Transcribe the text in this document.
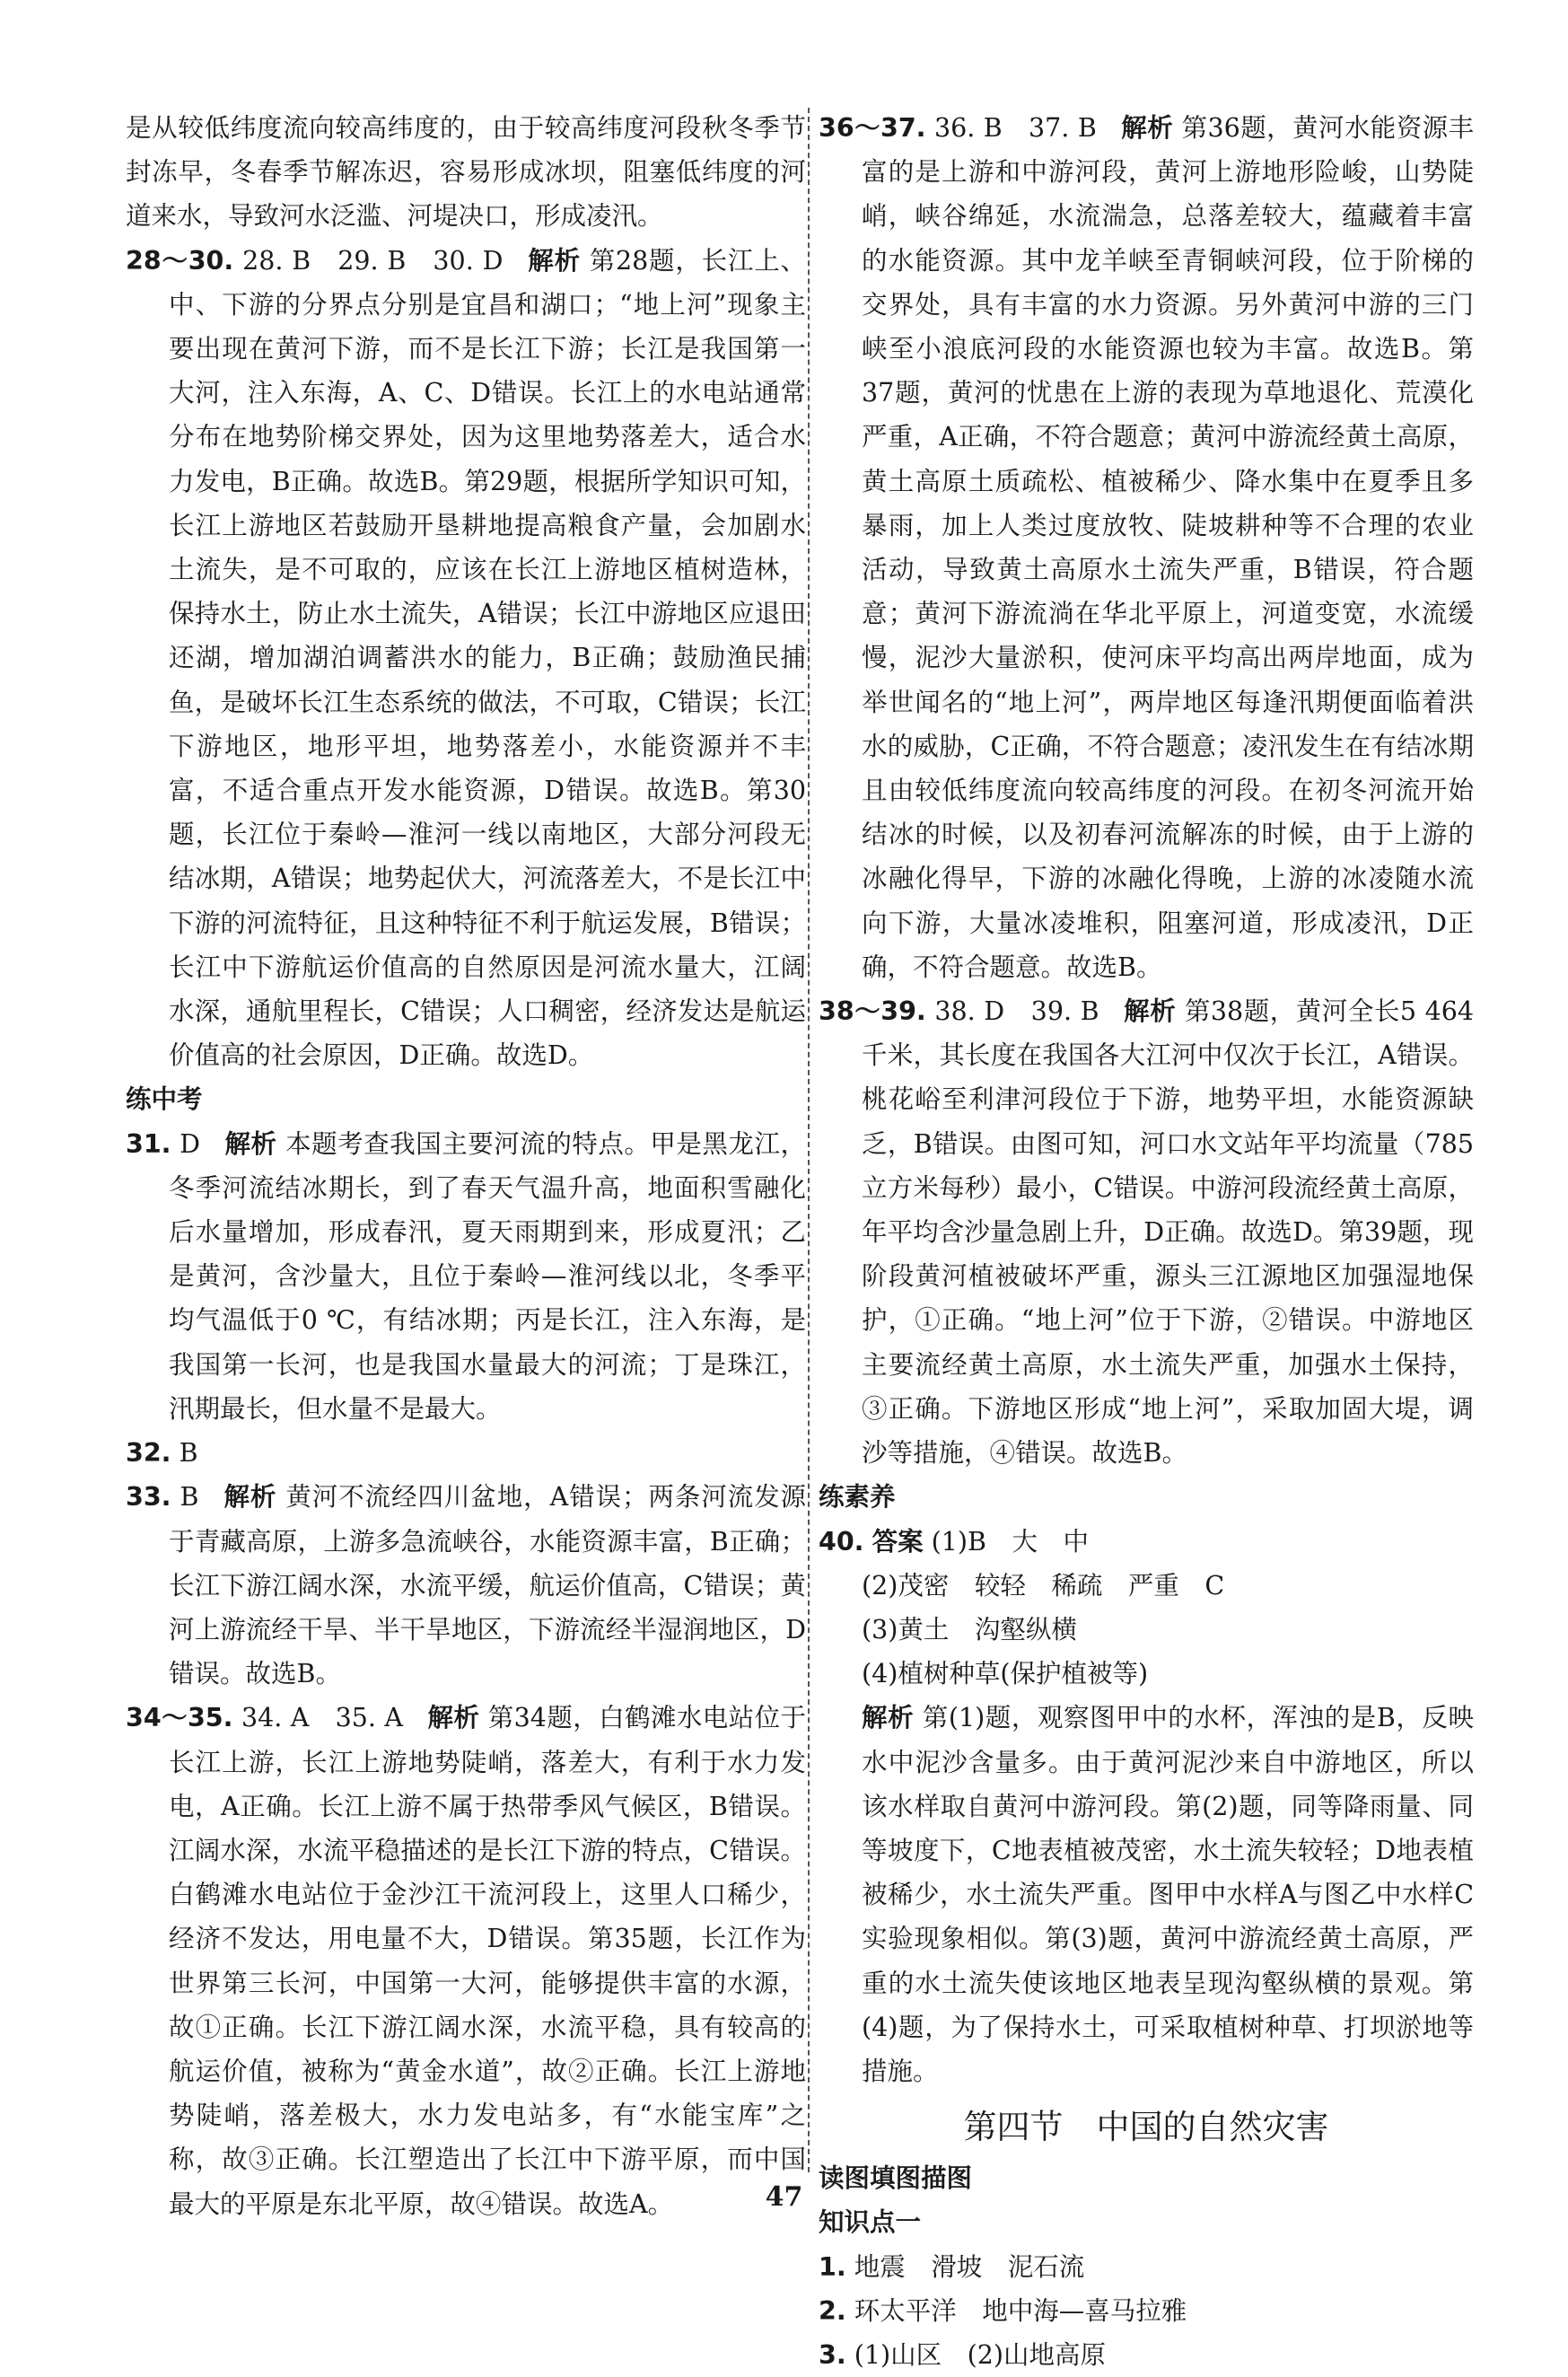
是从较低纬度流向较高纬度的，由于较高纬度河段秋冬季节封冻早，冬春季节解冻迟，容易形成冰坝，阻塞低纬度的河道来水，导致河水泛滥、河堤决口，形成凌汛。

28～30. 28. B　29. B　30. D 解析 第28题，长江上、中、下游的分界点分别是宜昌和湖口；“地上河”现象主要出现在黄河下游，而不是长江下游；长江是我国第一大河，注入东海，A、C、D错误。长江上的水电站通常分布在地势阶梯交界处，因为这里地势落差大，适合水力发电，B正确。故选B。第29题，根据所学知识可知，长江上游地区若鼓励开垦耕地提高粮食产量，会加剧水土流失，是不可取的，应该在长江上游地区植树造林，保持水土，防止水土流失，A错误；长江中游地区应退田还湖，增加湖泊调蓄洪水的能力，B正确；鼓励渔民捕鱼，是破坏长江生态系统的做法，不可取，C错误；长江下游地区，地形平坦，地势落差小，水能资源并不丰富，不适合重点开发水能资源，D错误。故选B。第30题，长江位于秦岭—淮河一线以南地区，大部分河段无结冰期，A错误；地势起伏大，河流落差大，不是长江中下游的河流特征，且这种特征不利于航运发展，B错误；长江中下游航运价值高的自然原因是河流水量大，江阔水深，通航里程长，C错误；人口稠密，经济发达是航运价值高的社会原因，D正确。故选D。

练中考

31. D 解析 本题考查我国主要河流的特点。甲是黑龙江，冬季河流结冰期长，到了春天气温升高，地面积雪融化后水量增加，形成春汛，夏天雨期到来，形成夏汛；乙是黄河，含沙量大，且位于秦岭—淮河线以北，冬季平均气温低于0 ℃，有结冰期；丙是长江，注入东海，是我国第一长河，也是我国水量最大的河流；丁是珠江，汛期最长，但水量不是最大。

32. B

33. B 解析 黄河不流经四川盆地，A错误；两条河流发源于青藏高原，上游多急流峡谷，水能资源丰富，B正确；长江下游江阔水深，水流平缓，航运价值高，C错误；黄河上游流经干旱、半干旱地区，下游流经半湿润地区，D错误。故选B。

34～35. 34. A　35. A 解析 第34题，白鹤滩水电站位于长江上游，长江上游地势陡峭，落差大，有利于水力发电，A正确。长江上游不属于热带季风气候区，B错误。江阔水深，水流平稳描述的是长江下游的特点，C错误。白鹤滩水电站位于金沙江干流河段上，这里人口稀少，经济不发达，用电量不大，D错误。第35题，长江作为世界第三长河，中国第一大河，能够提供丰富的水源，故①正确。长江下游江阔水深，水流平稳，具有较高的航运价值，被称为“黄金水道”，故②正确。长江上游地势陡峭，落差极大，水力发电站多，有“水能宝库”之称，故③正确。长江塑造出了长江中下游平原，而中国最大的平原是东北平原，故④错误。故选A。

36～37. 36. B　37. B 解析 第36题，黄河水能资源丰富的是上游和中游河段，黄河上游地形险峻，山势陡峭，峡谷绵延，水流湍急，总落差较大，蕴藏着丰富的水能资源。其中龙羊峡至青铜峡河段，位于阶梯的交界处，具有丰富的水力资源。另外黄河中游的三门峡至小浪底河段的水能资源也较为丰富。故选B。第37题，黄河的忧患在上游的表现为草地退化、荒漠化严重，A正确，不符合题意；黄河中游流经黄土高原，黄土高原土质疏松、植被稀少、降水集中在夏季且多暴雨，加上人类过度放牧、陡坡耕种等不合理的农业活动，导致黄土高原水土流失严重，B错误，符合题意；黄河下游流淌在华北平原上，河道变宽，水流缓慢，泥沙大量淤积，使河床平均高出两岸地面，成为举世闻名的“地上河”，两岸地区每逢汛期便面临着洪水的威胁，C正确，不符合题意；凌汛发生在有结冰期且由较低纬度流向较高纬度的河段。在初冬河流开始结冰的时候，以及初春河流解冻的时候，由于上游的冰融化得早，下游的冰融化得晚，上游的冰凌随水流向下游，大量冰凌堆积，阻塞河道，形成凌汛，D正确，不符合题意。故选B。

38～39. 38. D　39. B 解析 第38题，黄河全长5 464千米，其长度在我国各大江河中仅次于长江，A错误。桃花峪至利津河段位于下游，地势平坦，水能资源缺乏，B错误。由图可知，河口水文站年平均流量（785立方米每秒）最小，C错误。中游河段流经黄土高原，年平均含沙量急剧上升，D正确。故选D。第39题，现阶段黄河植被破坏严重，源头三江源地区加强湿地保护，①正确。“地上河”位于下游，②错误。中游地区主要流经黄土高原，水土流失严重，加强水土保持，③正确。下游地区形成“地上河”，采取加固大堤，调沙等措施，④错误。故选B。

练素养

40. 答案 (1)B　大　中

(2)茂密　较轻　稀疏　严重　C

(3)黄土　沟壑纵横

(4)植树种草(保护植被等)

解析 第(1)题，观察图甲中的水杯，浑浊的是B，反映水中泥沙含量多。由于黄河泥沙来自中游地区，所以该水样取自黄河中游河段。第(2)题，同等降雨量、同等坡度下，C地表植被茂密，水土流失较轻；D地表植被稀少，水土流失严重。图甲中水样A与图乙中水样C实验现象相似。第(3)题，黄河中游流经黄土高原，严重的水土流失使该地区地表呈现沟壑纵横的景观。第(4)题，为了保持水土，可采取植树种草、打坝淤地等措施。

第四节　中国的自然灾害

读图填图描图

知识点一

1. 地震　滑坡　泥石流

2. 环太平洋　地中海—喜马拉雅

3. (1)山区　(2)山地高原

47
